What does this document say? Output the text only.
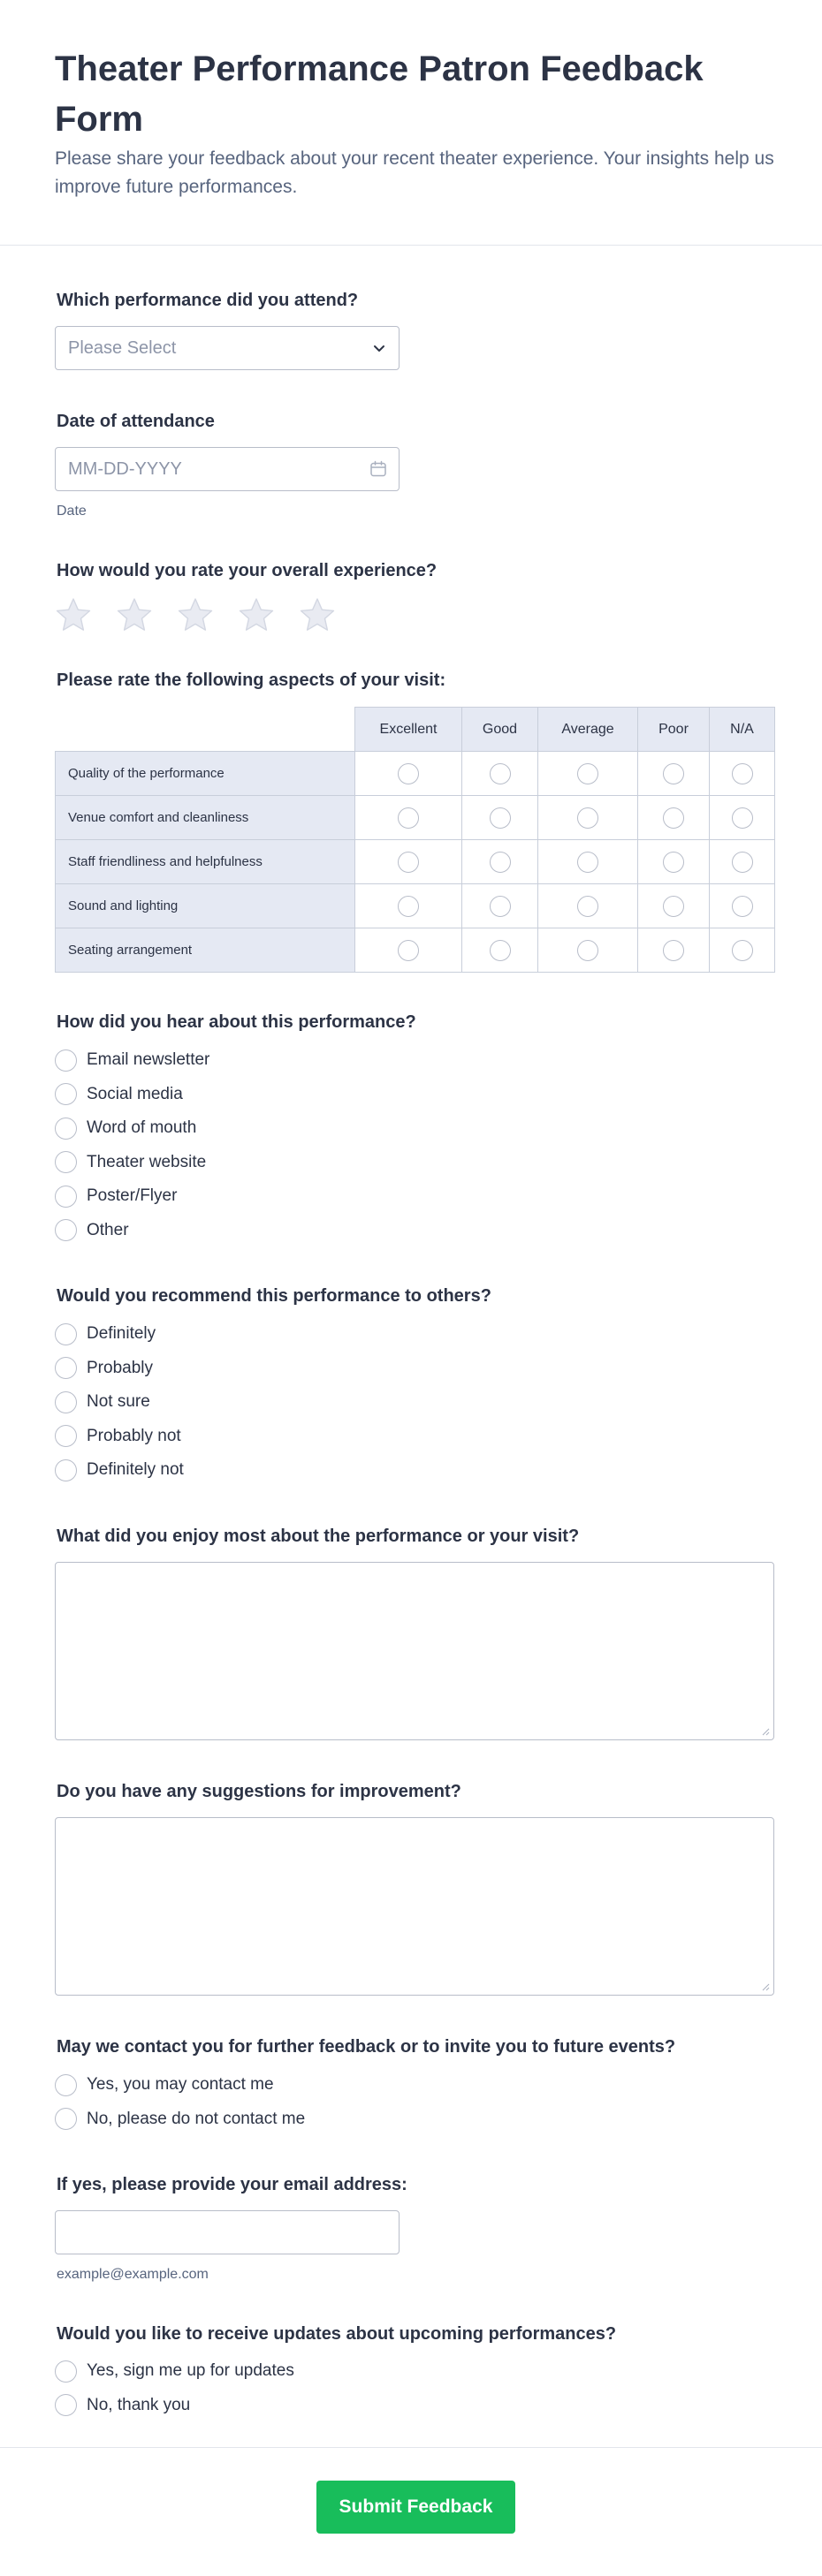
Theater Performance Patron Feedback Form

Please share your feedback about your recent theater experience. Your insights help us improve future performances.

Which performance did you attend?
Please Select
Date of attendance
MM-DD-YYYY
Date
How would you rate your overall experience?
Please rate the following aspects of your visit:
	Excellent	Good	Average	Poor	N/A
Quality of the performance					
Venue comfort and cleanliness					
Staff friendliness and helpfulness					
Sound and lighting					
Seating arrangement					
How did you hear about this performance?
Email newsletter
Social media
Word of mouth
Theater website
Poster/Flyer
Other
Would you recommend this performance to others?
Definitely
Probably
Not sure
Probably not
Definitely not
What did you enjoy most about the performance or your visit?
Do you have any suggestions for improvement?
May we contact you for further feedback or to invite you to future events?
Yes, you may contact me
No, please do not contact me
If yes, please provide your email address:
example@example.com
Would you like to receive updates about upcoming performances?
Yes, sign me up for updates
No, thank you
Submit Feedback
